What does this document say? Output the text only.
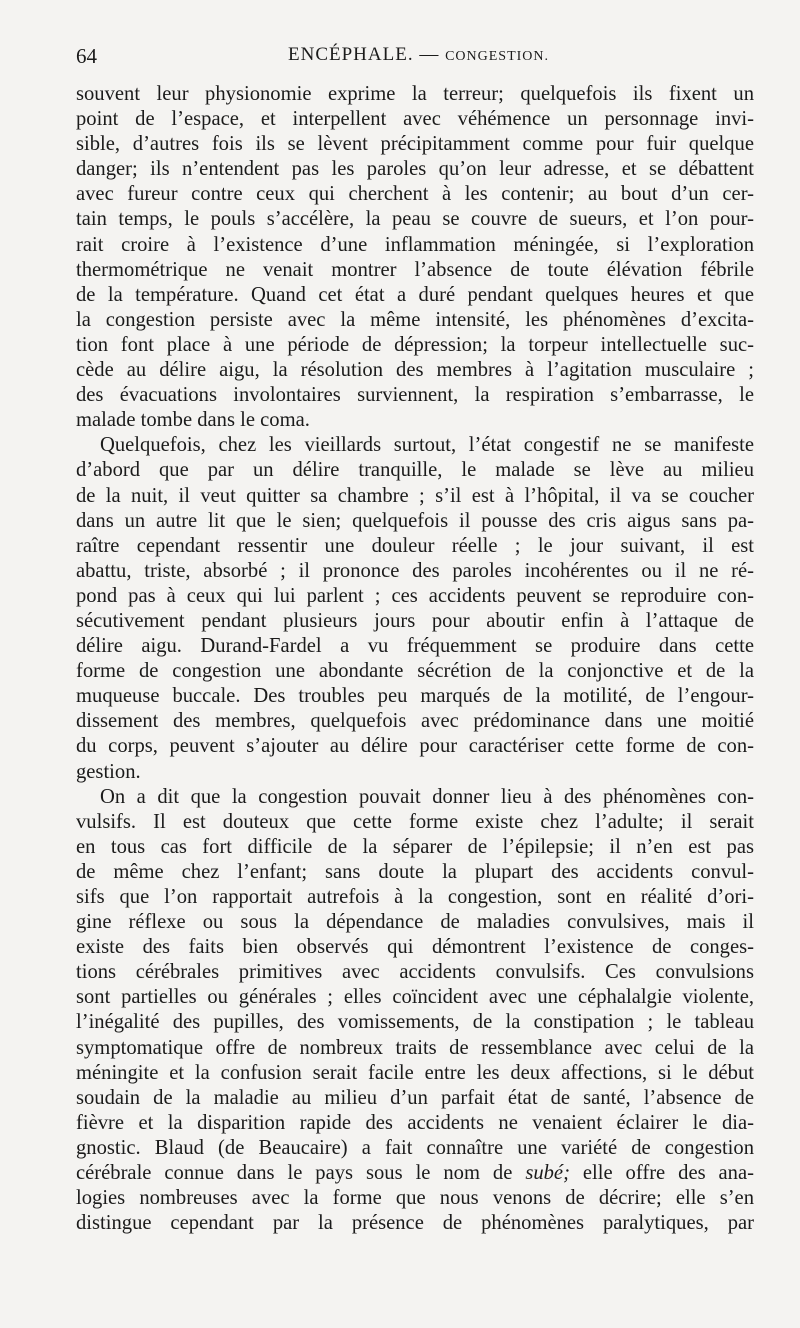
64	ENCÉPHALE. — CONGESTION.
souvent leur physionomie exprime la terreur; quelquefois ils fixent un
point de l’espace, et interpellent avec véhémence un personnage invi-
sible, d’autres fois ils se lèvent précipitamment comme pour fuir quelque
danger; ils n’entendent pas les paroles qu’on leur adresse, et se débattent
avec fureur contre ceux qui cherchent à les contenir; au bout d’un cer-
tain temps, le pouls s’accélère, la peau se couvre de sueurs, et l’on pour-
rait croire à l’existence d’une inflammation méningée, si l’exploration
thermométrique ne venait montrer l’absence de toute élévation fébrile
de la température. Quand cet état a duré pendant quelques heures et que
la congestion persiste avec la même intensité, les phénomènes d’excita-
tion font place à une période de dépression; la torpeur intellectuelle suc-
cède au délire aigu, la résolution des membres à l’agitation musculaire ;
des évacuations involontaires surviennent, la respiration s’embarrasse, le
malade tombe dans le coma.
Quelquefois, chez les vieillards surtout, l’état congestif ne se manifeste
d’abord que par un délire tranquille, le malade se lève au milieu
de la nuit, il veut quitter sa chambre ; s’il est à l’hôpital, il va se coucher
dans un autre lit que le sien; quelquefois il pousse des cris aigus sans pa-
raître cependant ressentir une douleur réelle ; le jour suivant, il est
abattu, triste, absorbé ; il prononce des paroles incohérentes ou il ne ré-
pond pas à ceux qui lui parlent ; ces accidents peuvent se reproduire con-
sécutivement pendant plusieurs jours pour aboutir enfin à l’attaque de
délire aigu. Durand-Fardel a vu fréquemment se produire dans cette
forme de congestion une abondante sécrétion de la conjonctive et de la
muqueuse buccale. Des troubles peu marqués de la motilité, de l’engour-
dissement des membres, quelquefois avec prédominance dans une moitié
du corps, peuvent s’ajouter au délire pour caractériser cette forme de con-
gestion.
On a dit que la congestion pouvait donner lieu à des phénomènes con-
vulsifs. Il est douteux que cette forme existe chez l’adulte; il serait
en tous cas fort difficile de la séparer de l’épilepsie; il n’en est pas
de même chez l’enfant; sans doute la plupart des accidents convul-
sifs que l’on rapportait autrefois à la congestion, sont en réalité d’ori-
gine réflexe ou sous la dépendance de maladies convulsives, mais il
existe des faits bien observés qui démontrent l’existence de conges-
tions cérébrales primitives avec accidents convulsifs. Ces convulsions
sont partielles ou générales ; elles coïncident avec une céphalalgie violente,
l’inégalité des pupilles, des vomissements, de la constipation ; le tableau
symptomatique offre de nombreux traits de ressemblance avec celui de la
méningite et la confusion serait facile entre les deux affections, si le début
soudain de la maladie au milieu d’un parfait état de santé, l’absence de
fièvre et la disparition rapide des accidents ne venaient éclairer le dia-
gnostic. Blaud (de Beaucaire) a fait connaître une variété de congestion
cérébrale connue dans le pays sous le nom de subé; elle offre des ana-
logies nombreuses avec la forme que nous venons de décrire; elle s’en
distingue cependant par la présence de phénomènes paralytiques, par
